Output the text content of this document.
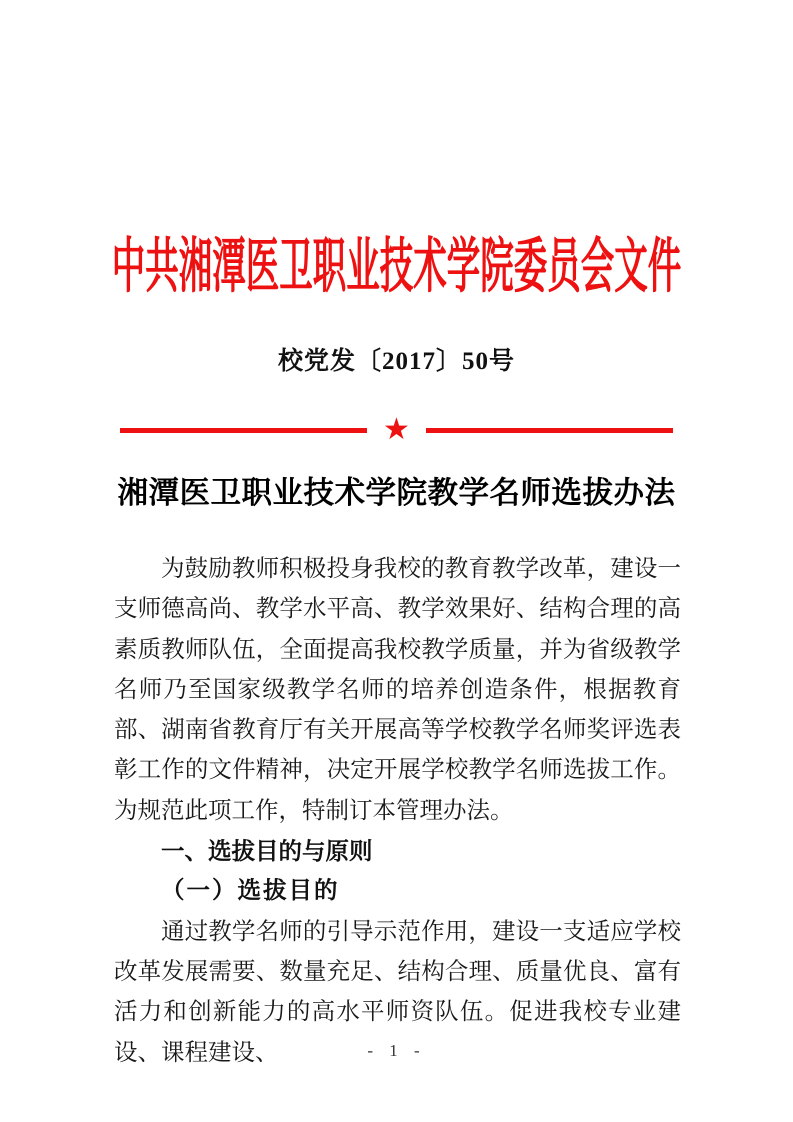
中共湘潭医卫职业技术学院委员会文件
校党发〔2017〕50号
★
湘潭医卫职业技术学院教学名师选拔办法

为鼓励教师积极投身我校的教育教学改革，建设一支师德高尚、教学水平高、教学效果好、结构合理的高素质教师队伍，全面提高我校教学质量，并为省级教学名师乃至国家级教学名师的培养创造条件，根据教育部、湖南省教育厅有关开展高等学校教学名师奖评选表彰工作的文件精神，决定开展学校教学名师选拔工作。为规范此项工作，特制订本管理办法。

一、选拔目的与原则
（一）选拔目的

通过教学名师的引导示范作用，建设一支适应学校改革发展需要、数量充足、结构合理、质量优良、富有活力和创新能力的高水平师资队伍。促进我校专业建设、课程建设、	- 1 -
